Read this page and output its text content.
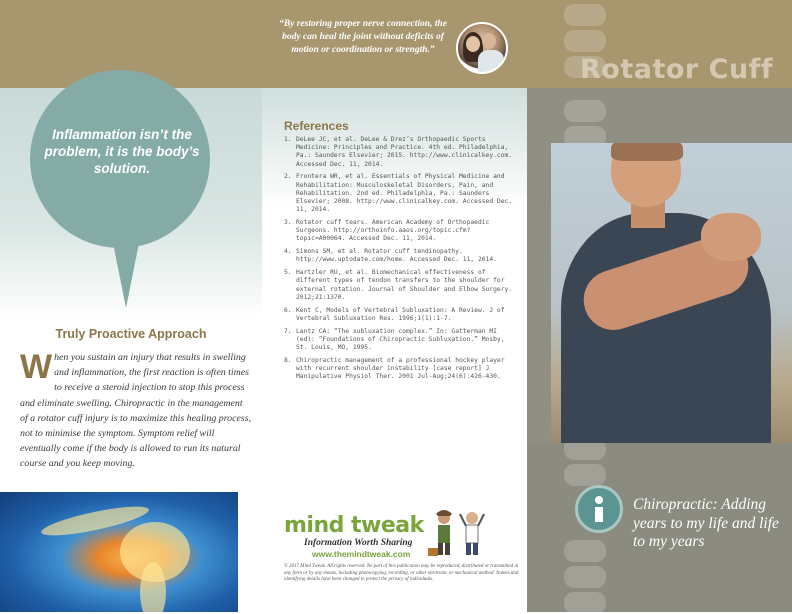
“By restoring proper nerve connection, the body can heal the joint without deficits of motion or coordination or strength.”
Inflammation isn’t the problem, it is the body’s solution.
Truly Proactive Approach
When you sustain an injury that results in swelling and inflammation, the first reaction is often times to receive a steroid injection to stop this process and eliminate swelling. Chiropractic in the management of a rotator cuff injury is to maximize this healing process, not to minimise the symptom. Symptom relief will eventually come if the body is allowed to run its natural course and you keep moving.
References
1. DeLee JC, et al. DeLee & Drez’s Orthopaedic Sports Medicine: Principles and Practice. 4th ed. Philadelphia, Pa.: Saunders Elsevier; 2015. http://www.clinicalkey.com. Accessed Dec. 11, 2014.
2. Frontera WR, et al. Essentials of Physical Medicine and Rehabilitation: Musculoskeletal Disorders, Pain, and Rehabilitation. 2nd ed. Philadelphia, Pa.: Saunders Elsevier; 2008. http://www.clinicalkey.com. Accessed Dec. 11, 2014.
3. Rotator cuff tears. American Academy of Orthopaedic Surgeons. http://orthoinfo.aaos.org/topic.cfm?topic=A00064. Accessed Dec. 11, 2014.
4. Simons SM, et al. Rotator cuff tendinopathy. http://www.uptodate.com/home. Accessed Dec. 11, 2014.
5. Hartzler RU, et al. Biomechanical effectiveness of different types of tendon transfers to the shoulder for external rotation. Journal of Shoulder and Elbow Surgery. 2012;21:1370.
6. Kent C, Models of Vertebral Subluxation: A Review. J of Vertebral Subluxation Res. 1996;1(1):1-7.
7. Lantz CA: “The subluxation complex.” In: Gatterman MI (ed): “Foundations of Chiropractic Subluxation.” Mosby, St. Louis, MO, 1995.
8. Chiropractic management of a professional hockey player with recurrent shoulder instability [case report] J Manipulative Physiol Ther. 2001 Jul-Aug;24(6):426-430.
mind tweak
Information Worth Sharing
www.themindtweak.com
© 2017 Mind Tweak. All rights reserved. No part of this publication may be reproduced, distributed or transmitted in any form or by any means, including photocopying, recording, or other electronic or mechanical method. Names and identifying details have been changed to protect the privacy of individuals.
Rotator Cuff
Chiropractic: Adding years to my life and life to my years
